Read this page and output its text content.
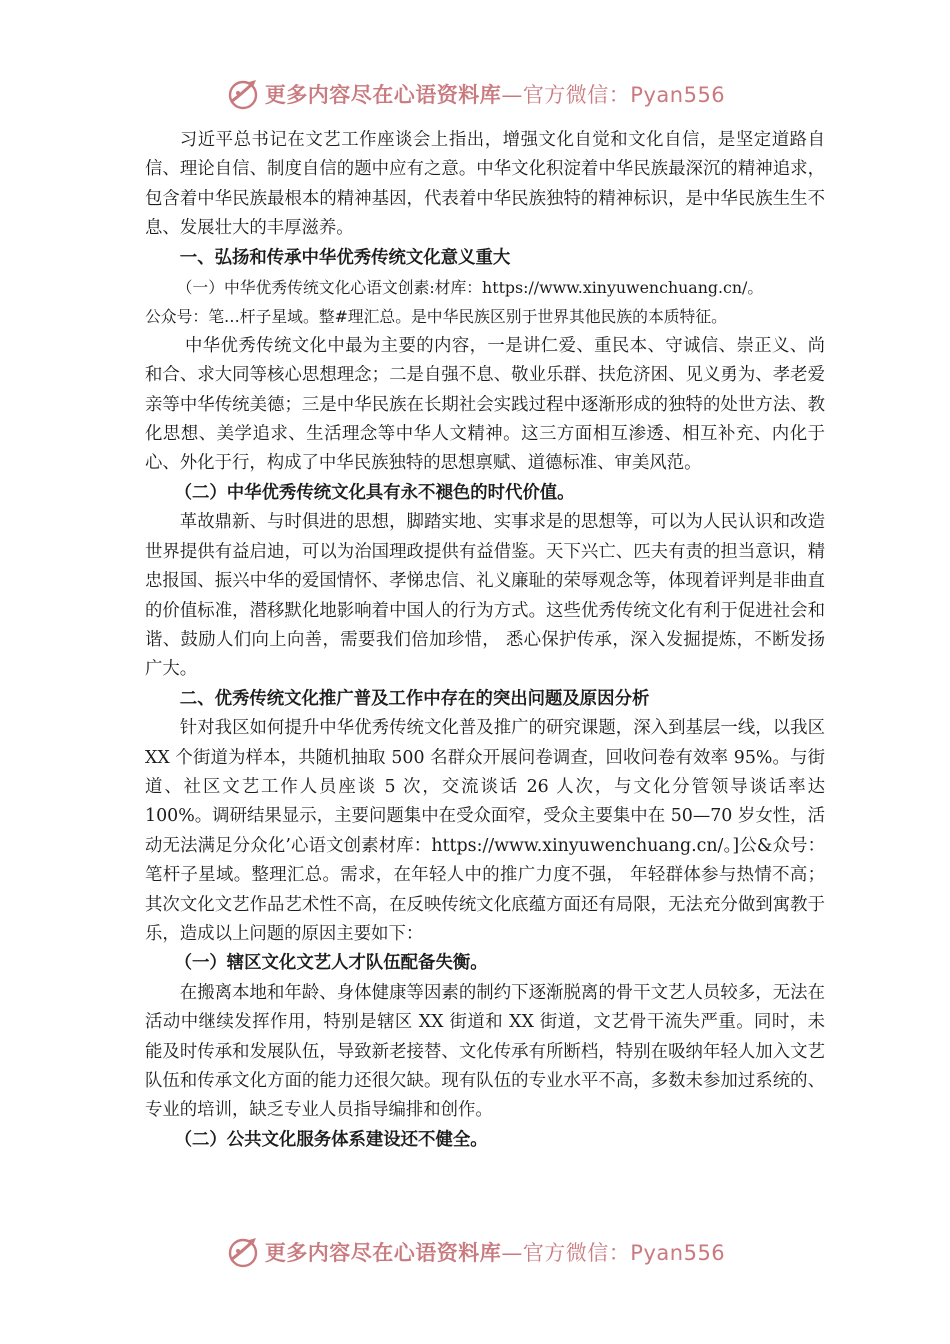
更多内容尽在心语资料库—官方微信：Pyan556

习近平总书记在文艺工作座谈会上指出，增强文化自觉和文化自信，是坚定道路自信、理论自信、制度自信的题中应有之意。中华文化积淀着中华民族最深沉的精神追求，包含着中华民族最根本的精神基因，代表着中华民族独特的精神标识，是中华民族生生不息、发展壮大的丰厚滋养。

一、弘扬和传承中华优秀传统文化意义重大

（一）中华优秀传统文化心语文创素:材库：https://www.xinyuwenchuang.cn/。

公众号：笔…杆子星域。整#理汇总。是中华民族区别于世界其他民族的本质特征。

中华优秀传统文化中最为主要的内容，一是讲仁爱、重民本、守诚信、崇正义、尚和合、求大同等核心思想理念；二是自强不息、敬业乐群、扶危济困、见义勇为、孝老爱亲等中华传统美德；三是中华民族在长期社会实践过程中逐渐形成的独特的处世方法、教化思想、美学追求、生活理念等中华人文精神。这三方面相互渗透、相互补充、内化于心、外化于行，构成了中华民族独特的思想禀赋、道德标准、审美风范。

（二）中华优秀传统文化具有永不褪色的时代价值。

革故鼎新、与时俱进的思想，脚踏实地、实事求是的思想等，可以为人民认识和改造世界提供有益启迪，可以为治国理政提供有益借鉴。天下兴亡、匹夫有责的担当意识，精忠报国、振兴中华的爱国情怀、孝悌忠信、礼义廉耻的荣辱观念等，体现着评判是非曲直的价值标准，潜移默化地影响着中国人的行为方式。这些优秀传统文化有利于促进社会和谐、鼓励人们向上向善，需要我们倍加珍惜， 悉心保护传承，深入发掘提炼，不断发扬广大。

二、优秀传统文化推广普及工作中存在的突出问题及原因分析

针对我区如何提升中华优秀传统文化普及推广的研究课题，深入到基层一线，以我区 XX 个街道为样本，共随机抽取 500 名群众开展问卷调查，回收问卷有效率 95%。与街道、社区文艺工作人员座谈 5 次，交流谈话 26 人次，与文化分管领导谈话率达 100%。调研结果显示，主要问题集中在受众面窄，受众主要集中在 50—70 岁女性，活动无法满足分众化’心语文创素材库：https://www.xinyuwenchuang.cn/。]公&众号：笔杆子星域。整理汇总。需求，在年轻人中的推广力度不强， 年轻群体参与热情不高；其次文化文艺作品艺术性不高，在反映传统文化底蕴方面还有局限，无法充分做到寓教于乐，造成以上问题的原因主要如下：

（一）辖区文化文艺人才队伍配备失衡。

在搬离本地和年龄、身体健康等因素的制约下逐渐脱离的骨干文艺人员较多，无法在活动中继续发挥作用，特别是辖区 XX 街道和 XX 街道，文艺骨干流失严重。同时，未能及时传承和发展队伍，导致新老接替、文化传承有所断档，特别在吸纳年轻人加入文艺队伍和传承文化方面的能力还很欠缺。现有队伍的专业水平不高，多数未参加过系统的、专业的培训，缺乏专业人员指导编排和创作。

（二）公共文化服务体系建设还不健全。

更多内容尽在心语资料库—官方微信：Pyan556
